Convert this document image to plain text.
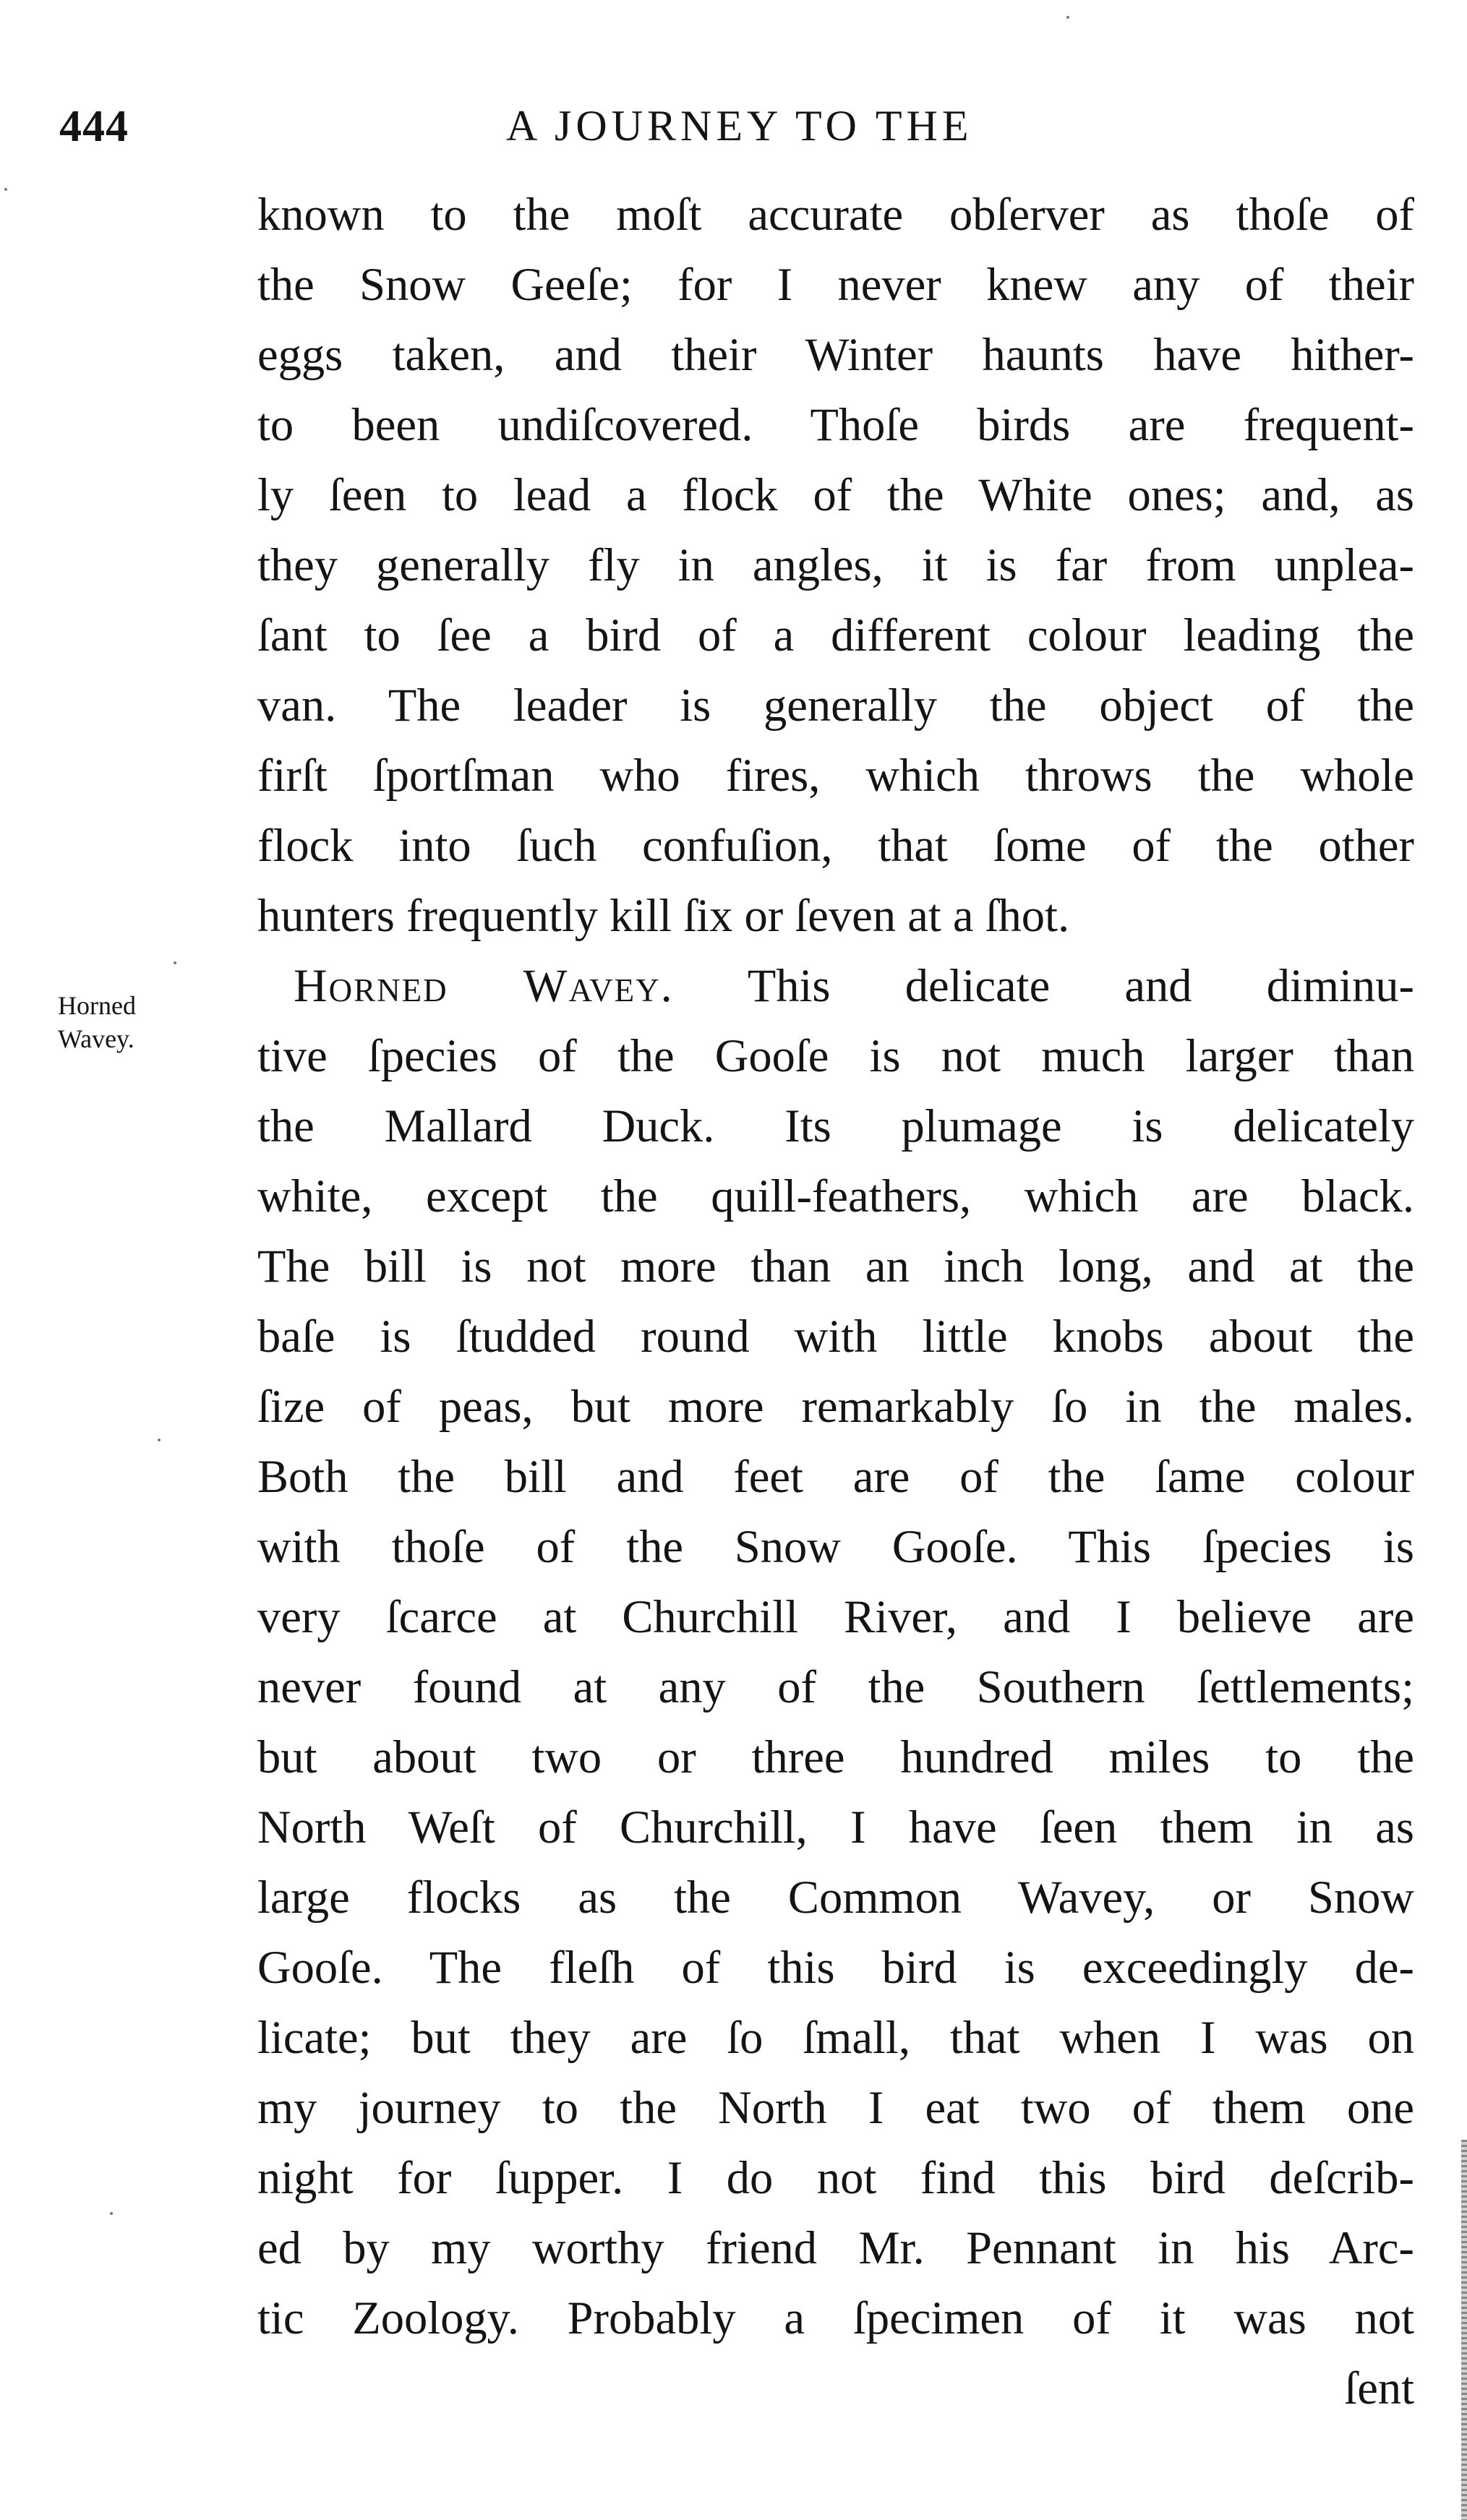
444	A JOURNEY TO THE
Horned
Wavey.
known to the moſt accurate obſerver as thoſe of
the Snow Geeſe; for I never knew any of their
eggs taken, and their Winter haunts have hither-
to been undiſcovered. Thoſe birds are frequent-
ly ſeen to lead a flock of the White ones; and, as
they generally fly in angles, it is far from unplea-
ſant to ſee a bird of a different colour leading the
van. The leader is generally the object of the
firſt ſportſman who fires, which throws the whole
flock into ſuch confuſion, that ſome of the other
hunters frequently kill ſix or ſeven at a ſhot.
Horned Wavey. This delicate and diminu-
tive ſpecies of the Gooſe is not much larger than
the Mallard Duck. Its plumage is delicately
white, except the quill-feathers, which are black.
The bill is not more than an inch long, and at the
baſe is ſtudded round with little knobs about the
ſize of peas, but more remarkably ſo in the males.
Both the bill and feet are of the ſame colour
with thoſe of the Snow Gooſe. This ſpecies is
very ſcarce at Churchill River, and I believe are
never found at any of the Southern ſettlements;
but about two or three hundred miles to the
North Weſt of Churchill, I have ſeen them in as
large flocks as the Common Wavey, or Snow
Gooſe. The fleſh of this bird is exceedingly de-
licate; but they are ſo ſmall, that when I was on
my journey to the North I eat two of them one
night for ſupper. I do not find this bird deſcrib-
ed by my worthy friend Mr. Pennant in his Arc-
tic Zoology. Probably a ſpecimen of it was not
ſent
